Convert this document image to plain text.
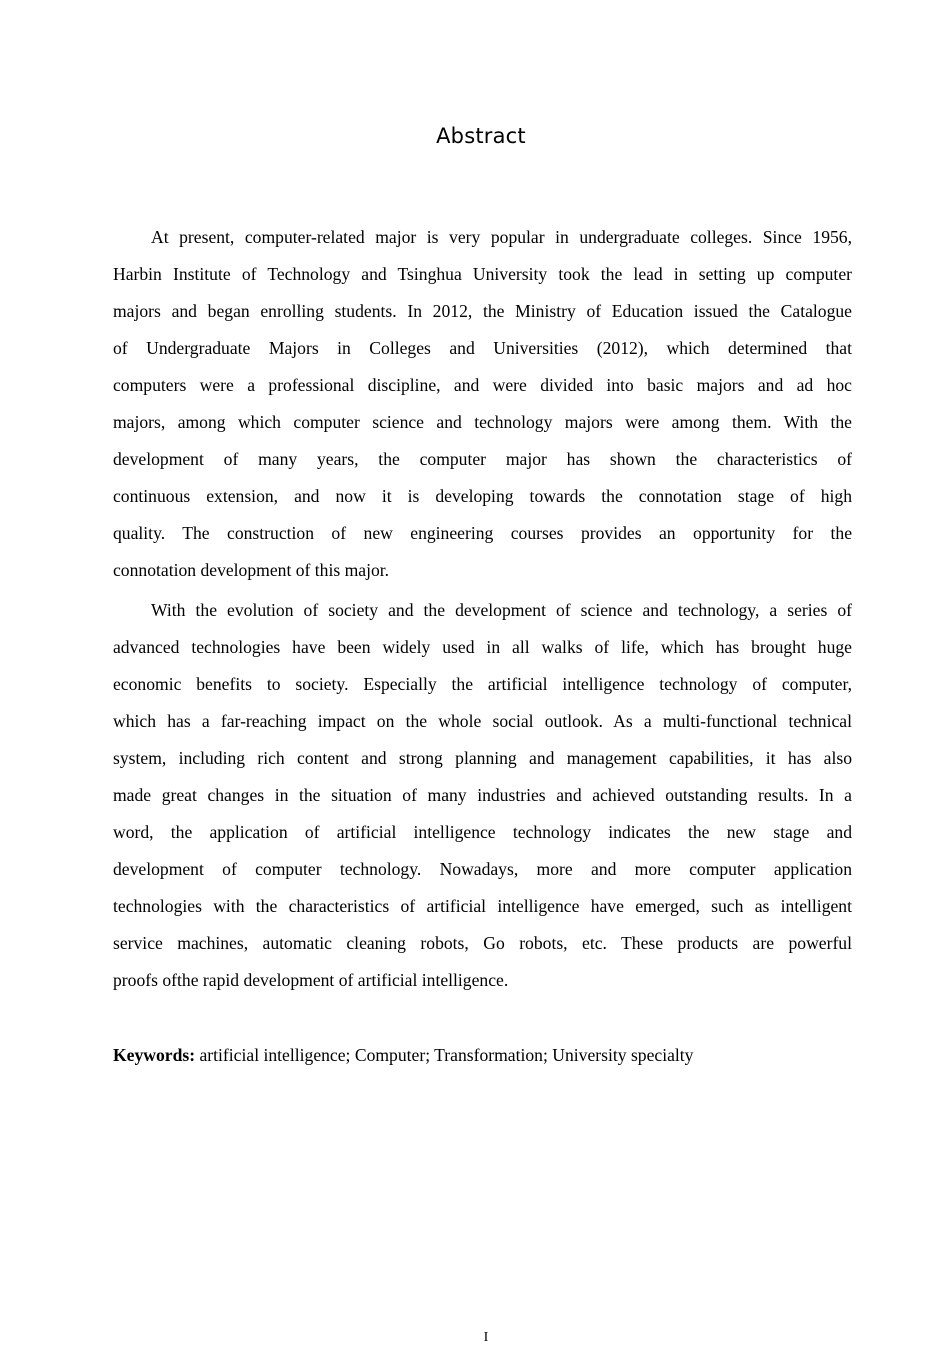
Abstract
At present, computer-related major is very popular in undergraduate colleges. Since 1956,
Harbin Institute of Technology and Tsinghua University took the lead in setting up computer
majors and began enrolling students. In 2012, the Ministry of Education issued the Catalogue
of Undergraduate Majors in Colleges and Universities (2012), which determined that
computers were a professional discipline, and were divided into basic majors and ad hoc
majors, among which computer science and technology majors were among them. With the
development of many years, the computer major has shown the characteristics of
continuous extension, and now it is developing towards the connotation stage of high
quality. The construction of new engineering courses provides an opportunity for the
connotation development of this major.
With the evolution of society and the development of science and technology, a series of
advanced technologies have been widely used in all walks of life, which has brought huge
economic benefits to society. Especially the artificial intelligence technology of computer,
which has a far-reaching impact on the whole social outlook. As a multi-functional technical
system, including rich content and strong planning and management capabilities, it has also
made great changes in the situation of many industries and achieved outstanding results. In a
word, the application of artificial intelligence technology indicates the new stage and
development of computer technology. Nowadays, more and more computer application
technologies with the characteristics of artificial intelligence have emerged, such as intelligent
service machines, automatic cleaning robots, Go robots, etc. These products are powerful
proofs ofthe rapid development of artificial intelligence.
Keywords: artificial intelligence; Computer; Transformation; University specialty
I
